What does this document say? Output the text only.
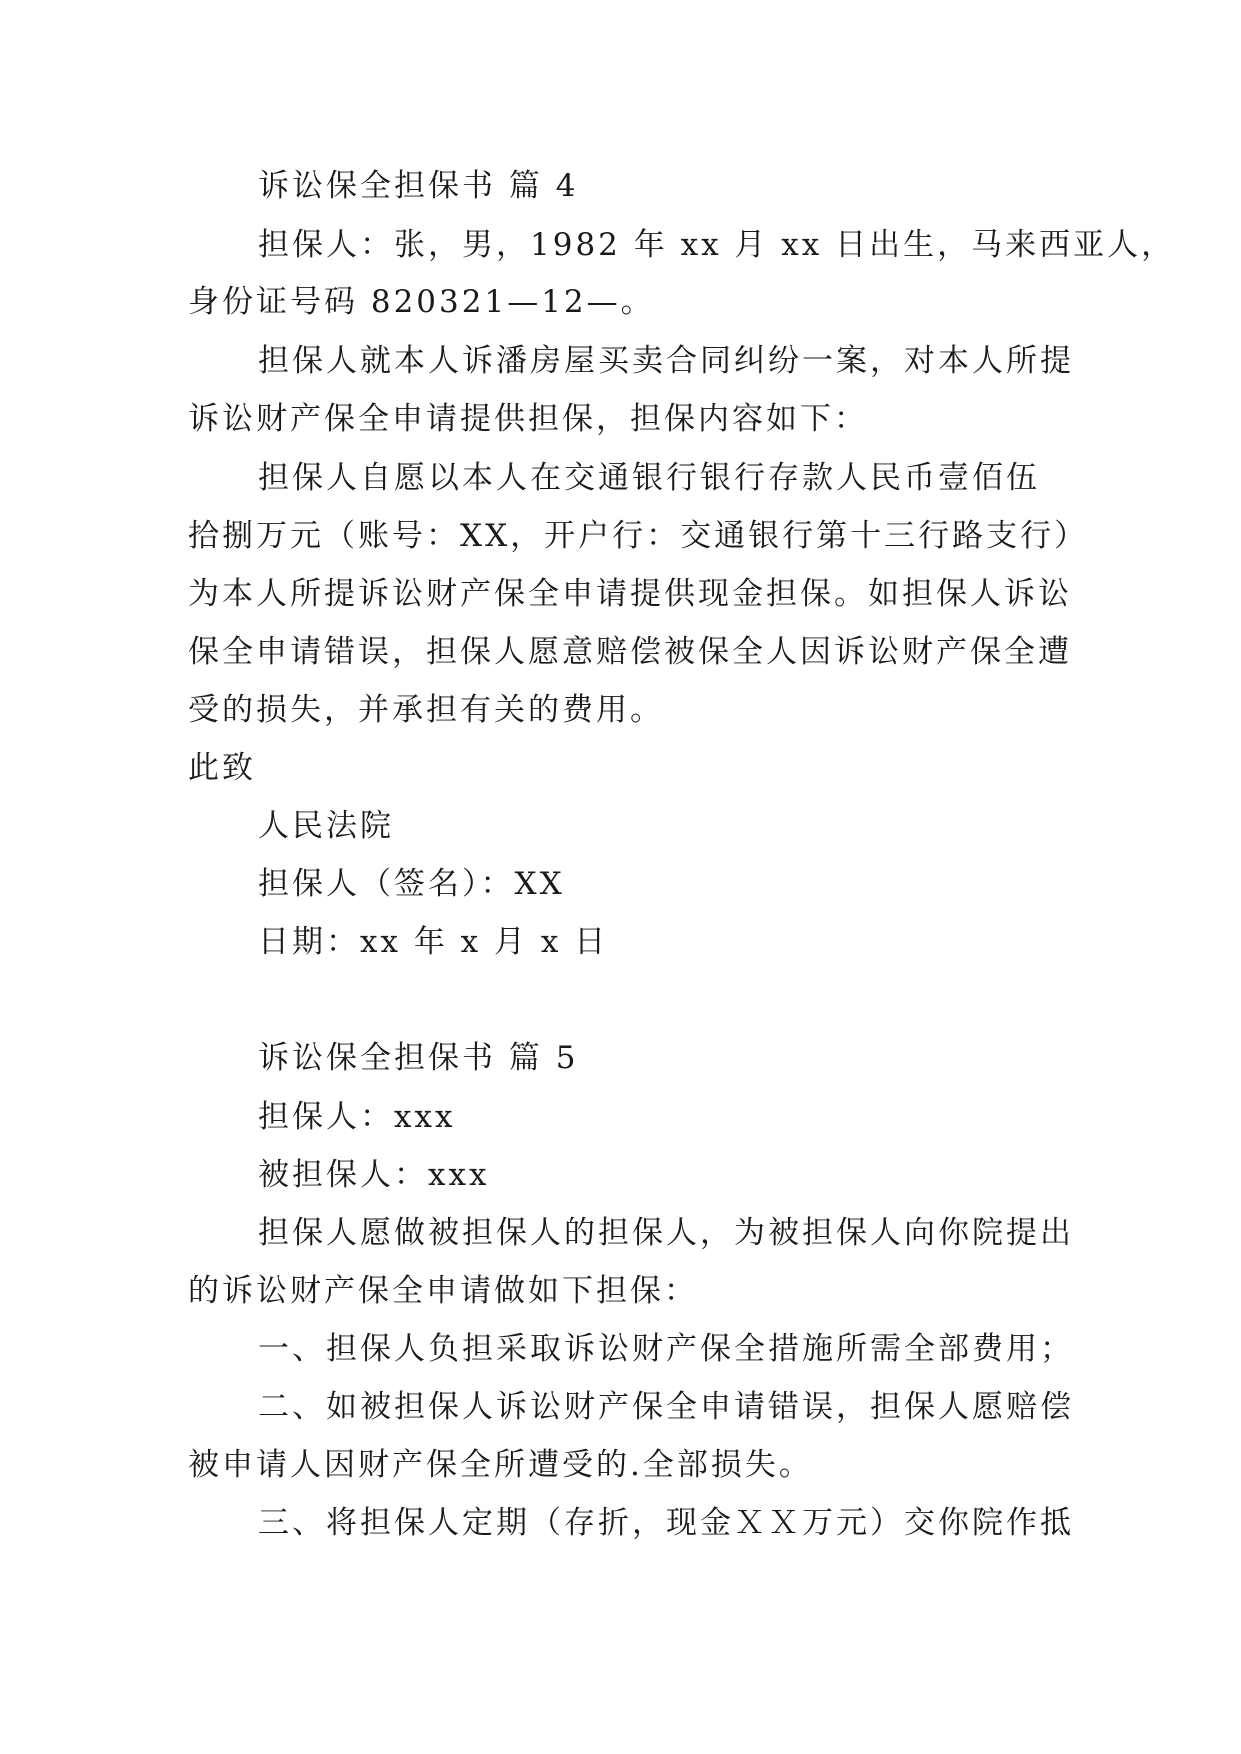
诉讼保全担保书 篇 4
担保人：张，男，1982 年 xx 月 xx 日出生，马来西亚人，
身份证号码 820321—12—。
担保人就本人诉潘房屋买卖合同纠纷一案，对本人所提
诉讼财产保全申请提供担保，担保内容如下：
担保人自愿以本人在交通银行银行存款人民币壹佰伍
拾捌万元（账号：XX，开户行：交通银行第十三行路支行）
为本人所提诉讼财产保全申请提供现金担保。如担保人诉讼
保全申请错误，担保人愿意赔偿被保全人因诉讼财产保全遭
受的损失，并承担有关的费用。
此致
人民法院
担保人（签名）：XX
日期：xx 年 x 月 x 日
诉讼保全担保书 篇 5
担保人：xxx
被担保人：xxx
担保人愿做被担保人的担保人，为被担保人向你院提出
的诉讼财产保全申请做如下担保：
一、担保人负担采取诉讼财产保全措施所需全部费用；
二、如被担保人诉讼财产保全申请错误，担保人愿赔偿
被申请人因财产保全所遭受的.全部损失。
三、将担保人定期（存折，现金ＸＸ万元）交你院作抵
